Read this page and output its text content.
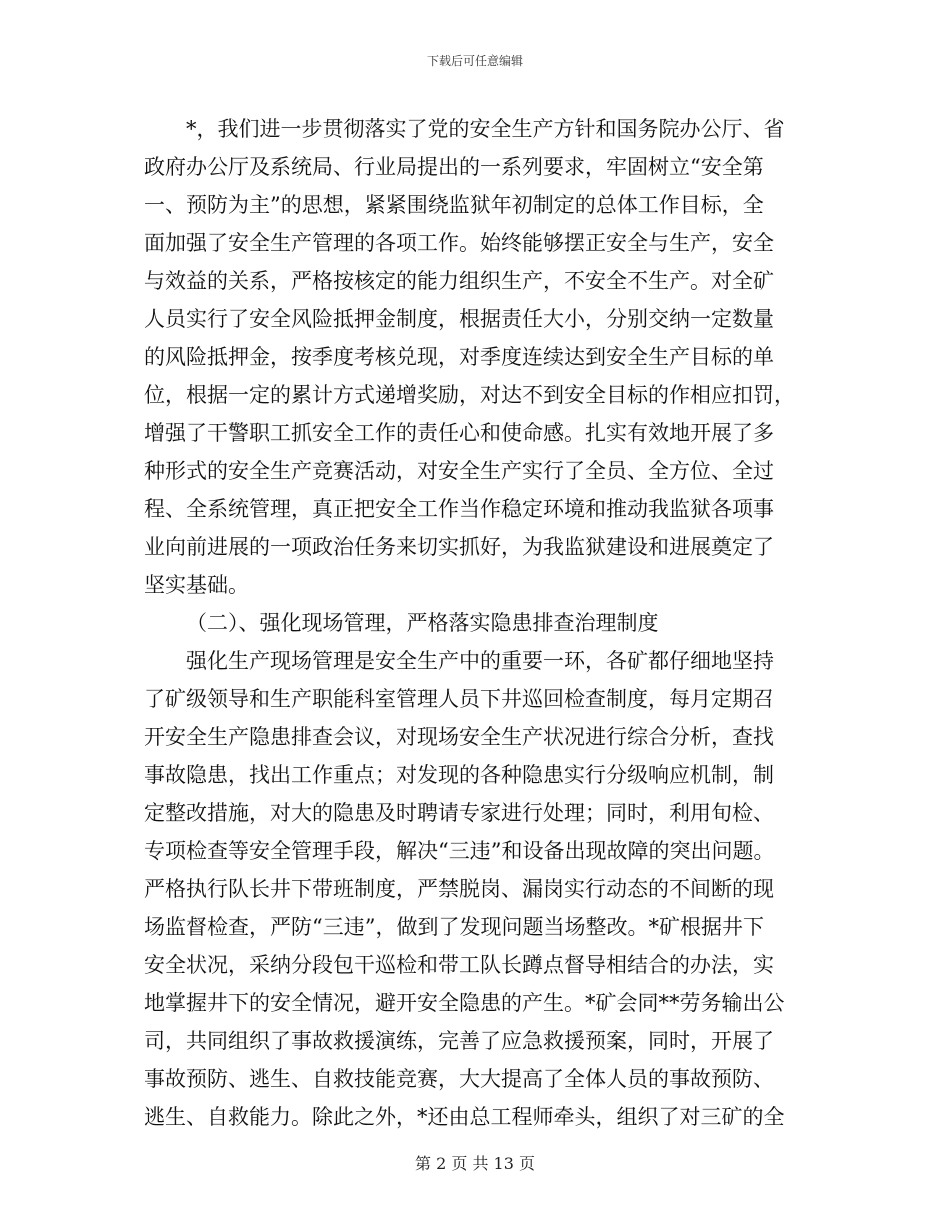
下载后可任意编辑
　　*，我们进一步贯彻落实了党的安全生产方针和国务院办公厅、省
政府办公厅及系统局、行业局提出的一系列要求，牢固树立“安全第
一、预防为主”的思想，紧紧围绕监狱年初制定的总体工作目标，全
面加强了安全生产管理的各项工作。始终能够摆正安全与生产，安全
与效益的关系，严格按核定的能力组织生产，不安全不生产。对全矿
人员实行了安全风险抵押金制度，根据责任大小，分别交纳一定数量
的风险抵押金，按季度考核兑现，对季度连续达到安全生产目标的单
位，根据一定的累计方式递增奖励，对达不到安全目标的作相应扣罚，
增强了干警职工抓安全工作的责任心和使命感。扎实有效地开展了多
种形式的安全生产竞赛活动，对安全生产实行了全员、全方位、全过
程、全系统管理，真正把安全工作当作稳定环境和推动我监狱各项事
业向前进展的一项政治任务来切实抓好，为我监狱建设和进展奠定了
坚实基础。
（二）、强化现场管理，严格落实隐患排查治理制度
　　强化生产现场管理是安全生产中的重要一环，各矿都仔细地坚持
了矿级领导和生产职能科室管理人员下井巡回检查制度，每月定期召
开安全生产隐患排查会议，对现场安全生产状况进行综合分析，查找
事故隐患，找出工作重点；对发现的各种隐患实行分级响应机制，制
定整改措施，对大的隐患及时聘请专家进行处理；同时，利用旬检、
专项检查等安全管理手段，解决“三违”和设备出现故障的突出问题。
严格执行队长井下带班制度，严禁脱岗、漏岗实行动态的不间断的现
场监督检查，严防“三违”，做到了发现问题当场整改。*矿根据井下
安全状况，采纳分段包干巡检和带工队长蹲点督导相结合的办法，实
地掌握井下的安全情况，避开安全隐患的产生。*矿会同**劳务输出公
司，共同组织了事故救援演练，完善了应急救援预案，同时，开展了
事故预防、逃生、自救技能竞赛，大大提高了全体人员的事故预防、
逃生、自救能力。除此之外，*还由总工程师牵头，组织了对三矿的全
第 2 页 共 13 页
